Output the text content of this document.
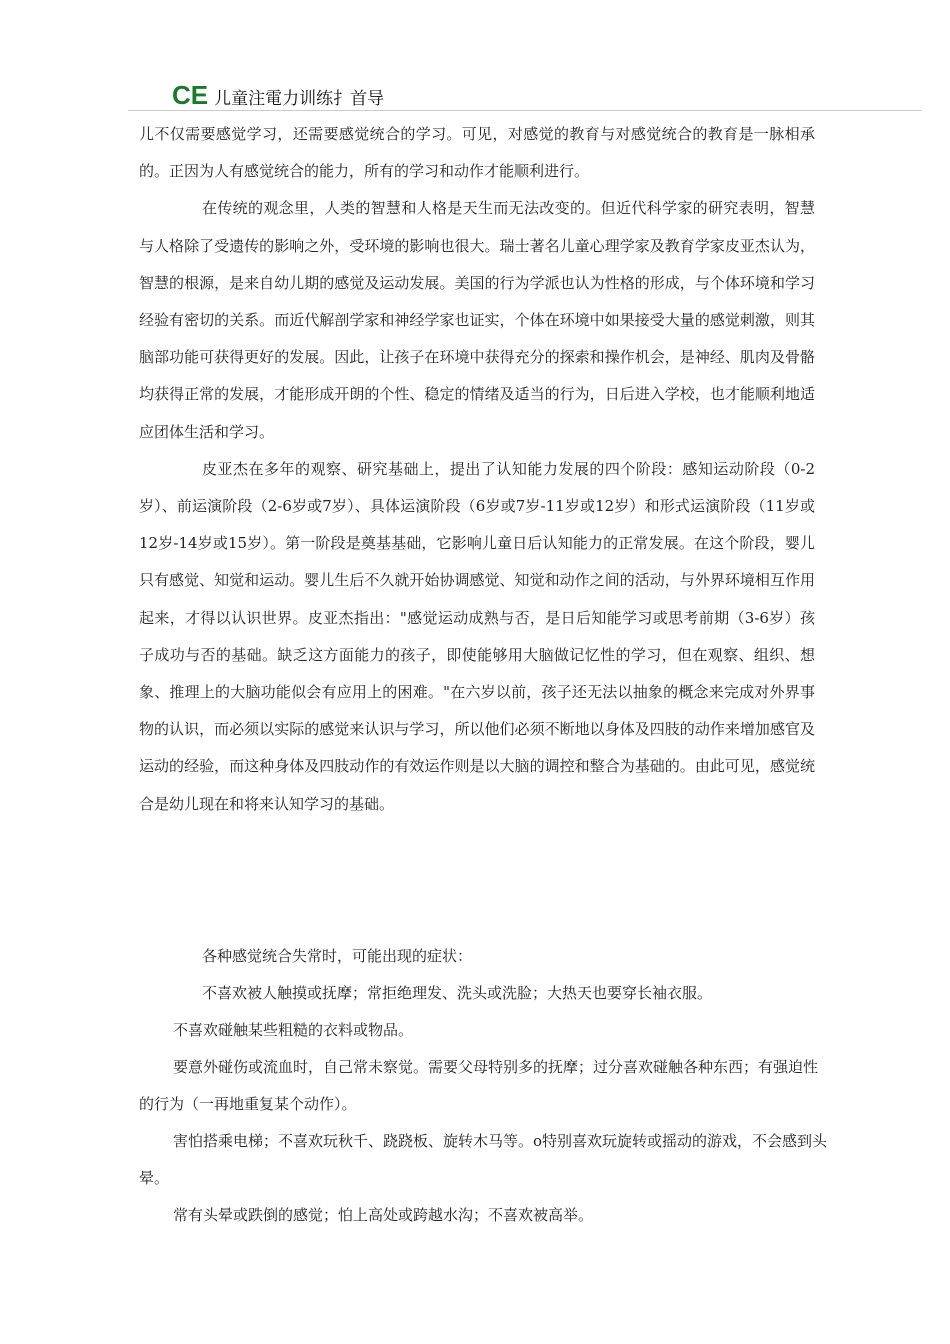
CE 儿童注電力训练扌首导

儿不仅需要感觉学习，还需要感觉统合的学习。可见，对感觉的教育与对感觉统合的教育是一脉相承的。正因为人有感觉统合的能力，所有的学习和动作才能顺利进行。

在传统的观念里，人类的智慧和人格是天生而无法改变的。但近代科学家的研究表明，智慧与人格除了受遗传的影响之外，受环境的影响也很大。瑞士著名儿童心理学家及教育学家皮亚杰认为，智慧的根源，是来自幼儿期的感觉及运动发展。美国的行为学派也认为性格的形成，与个体环境和学习经验有密切的关系。而近代解剖学家和神经学家也证实，个体在环境中如果接受大量的感觉刺激，则其脑部功能可获得更好的发展。因此，让孩子在环境中获得充分的探索和操作机会，是神经、肌肉及骨骼均获得正常的发展，才能形成开朗的个性、稳定的情绪及适当的行为，日后进入学校，也才能顺利地适应团体生活和学习。

皮亚杰在多年的观察、研究基础上，提出了认知能力发展的四个阶段：感知运动阶段（0-2岁）、前运演阶段（2-6岁或7岁）、具体运演阶段（6岁或7岁-11岁或12岁）和形式运演阶段（11岁或12岁-14岁或15岁）。第一阶段是奠基基础，它影响儿童日后认知能力的正常发展。在这个阶段，婴儿只有感觉、知觉和运动。婴儿生后不久就开始协调感觉、知觉和动作之间的活动，与外界环境相互作用起来，才得以认识世界。皮亚杰指出："感觉运动成熟与否，是日后知能学习或思考前期（3-6岁）孩子成功与否的基础。缺乏这方面能力的孩子，即使能够用大脑做记忆性的学习，但在观察、组织、想象、推理上的大脑功能似会有应用上的困难。"在六岁以前，孩子还无法以抽象的概念来完成对外界事物的认识，而必须以实际的感觉来认识与学习，所以他们必须不断地以身体及四肢的动作来增加感官及运动的经验，而这种身体及四肢动作的有效运作则是以大脑的调控和整合为基础的。由此可见，感觉统合是幼儿现在和将来认知学习的基础。

各种感觉统合失常时，可能出现的症状：

不喜欢被人触摸或抚摩；常拒绝理发、洗头或洗脸；大热天也要穿长袖衣服。

不喜欢碰触某些粗糙的衣料或物品。

要意外碰伤或流血时，自己常未察觉。需要父母特别多的抚摩；过分喜欢碰触各种东西；有强迫性的行为（一再地重复某个动作）。

害怕搭乘电梯；不喜欢玩秋千、跷跷板、旋转木马等。o特别喜欢玩旋转或摇动的游戏，不会感到头晕。

常有头晕或跌倒的感觉；怕上高处或跨越水沟；不喜欢被高举。
